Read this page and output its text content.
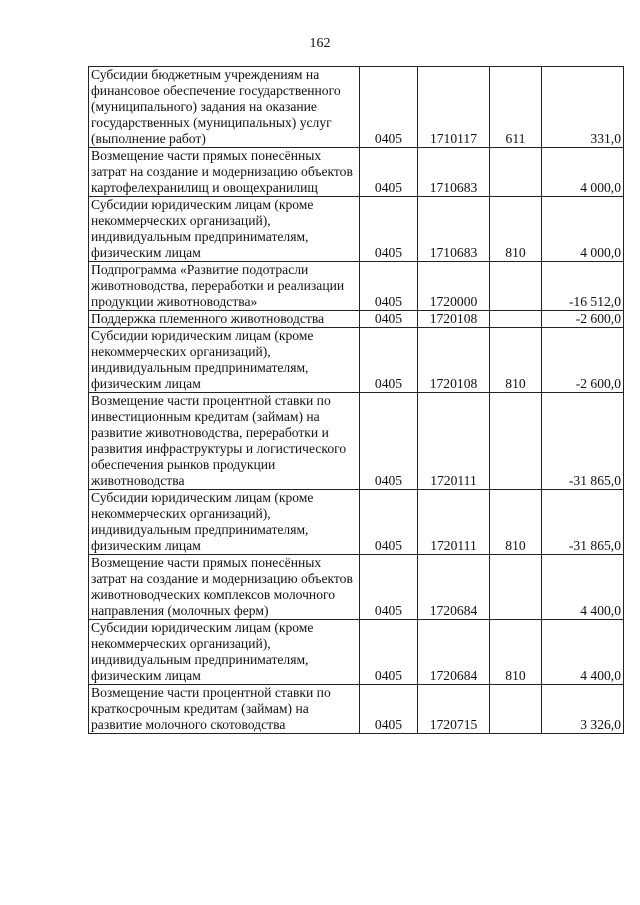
162
Субсидии бюджетным учреждениям на финансовое обеспечение государственного (муниципального) задания на оказание государственных (муниципальных) услуг (выполнение работ)	0405	1710117	611	331,0
Возмещение части прямых понесённых затрат на создание и модернизацию объектов картофелехранилищ и овощехранилищ	0405	1710683		4 000,0
Субсидии юридическим лицам (кроме некоммерческих организаций), индивидуальным предпринимателям, физическим лицам	0405	1710683	810	4 000,0
Подпрограмма «Развитие подотрасли животноводства, переработки и реализации продукции животноводства»	0405	1720000		-16 512,0
Поддержка племенного животноводства	0405	1720108		-2 600,0
Субсидии юридическим лицам (кроме некоммерческих организаций), индивидуальным предпринимателям, физическим лицам	0405	1720108	810	-2 600,0
Возмещение части процентной ставки по инвестиционным кредитам (займам) на развитие животноводства, переработки и развития инфраструктуры и логистического обеспечения рынков продукции животноводства	0405	1720111		-31 865,0
Субсидии юридическим лицам (кроме некоммерческих организаций), индивидуальным предпринимателям, физическим лицам	0405	1720111	810	-31 865,0
Возмещение части прямых понесённых затрат на создание и модернизацию объектов животноводческих комплексов молочного направления (молочных ферм)	0405	1720684		4 400,0
Субсидии юридическим лицам (кроме некоммерческих организаций), индивидуальным предпринимателям, физическим лицам	0405	1720684	810	4 400,0
Возмещение части процентной ставки по краткосрочным кредитам (займам) на развитие молочного скотоводства	0405	1720715		3 326,0
